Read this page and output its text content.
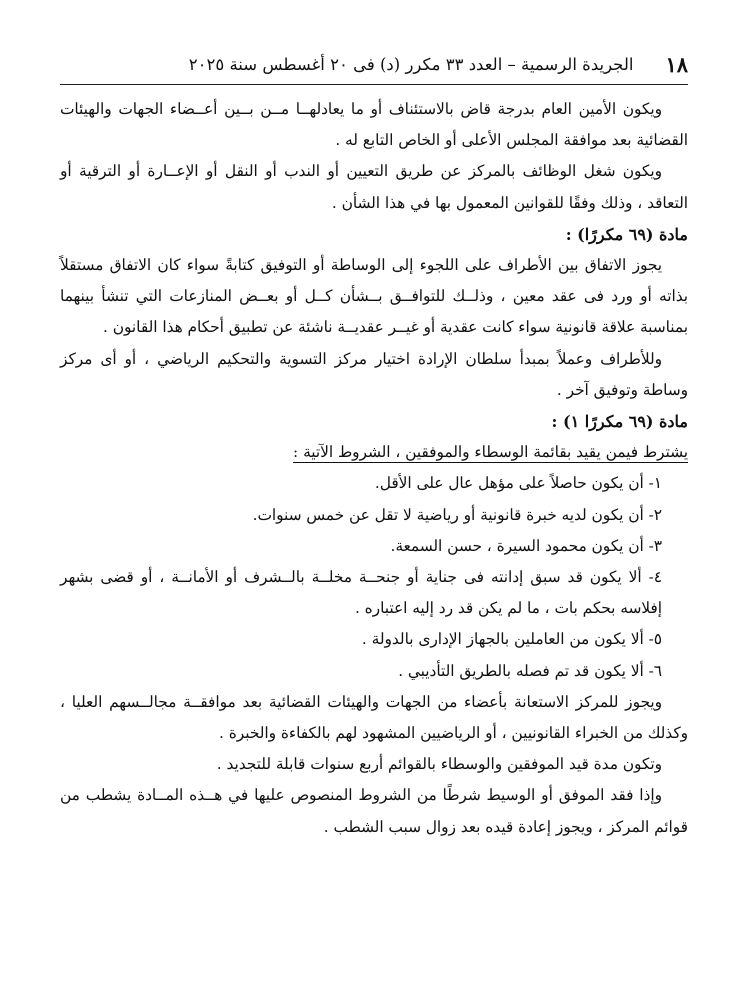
١٨
الجريدة الرسمية – العدد ٣٣ مكرر (د) فى ٢٠ أغسطس سنة ٢٠٢٥

ويكون الأمين العام بدرجة قاض بالاستئناف أو ما يعادلهــا مــن بــين أعــضاء الجهات والهيئات القضائية بعد موافقة المجلس الأعلى أو الخاص التابع له .

ويكون شغل الوظائف بالمركز عن طريق التعيين أو الندب أو النقل أو الإعــارة أو الترقية أو التعاقد ، وذلك وفقًا للقوانين المعمول بها في هذا الشأن .

مادة (٦٩ مكررًا) :

يجوز الاتفاق بين الأطراف على اللجوء إلى الوساطة أو التوفيق كتابةً سواء كان الاتفاق مستقلاً بذاته أو ورد فى عقد معين ، وذلــك للتوافــق بــشأن كــل أو بعــض المنازعات التي تنشأ بينهما بمناسبة علاقة قانونية سواء كانت عقدية أو غيــر عقديــة ناشئة عن تطبيق أحكام هذا القانون .

وللأطراف وعملاً بمبدأ سلطان الإرادة اختيار مركز التسوية والتحكيم الرياضي ، أو أى مركز وساطة وتوفيق آخر .

مادة (٦٩ مكررًا ١) :

يشترط فيمن يقيد بقائمة الوسطاء والموفقين ، الشروط الآتية :

١- أن يكون حاصلاً على مؤهل عال على الأقل.

٢- أن يكون لديه خبرة قانونية أو رياضية لا تقل عن خمس سنوات.

٣- أن يكون محمود السيرة ، حسن السمعة.

٤- ألا يكون قد سبق إدانته فى جناية أو جنحــة مخلــة بالــشرف أو الأمانــة ، أو قضى بشهر إفلاسه بحكم بات ، ما لم يكن قد رد إليه اعتباره .

٥- ألا يكون من العاملين بالجهاز الإدارى بالدولة .

٦- ألا يكون قد تم فصله بالطريق التأديبي .

ويجوز للمركز الاستعانة بأعضاء من الجهات والهيئات القضائية بعد موافقــة مجالــسهم العليا ، وكذلك من الخبراء القانونيين ، أو الرياضيين المشهود لهم بالكفاءة والخبرة .

وتكون مدة قيد الموفقين والوسطاء بالقوائم أربع سنوات قابلة للتجديد .

وإذا فقد الموفق أو الوسيط شرطًا من الشروط المنصوص عليها في هــذه المــادة يشطب من قوائم المركز ، ويجوز إعادة قيده بعد زوال سبب الشطب .
